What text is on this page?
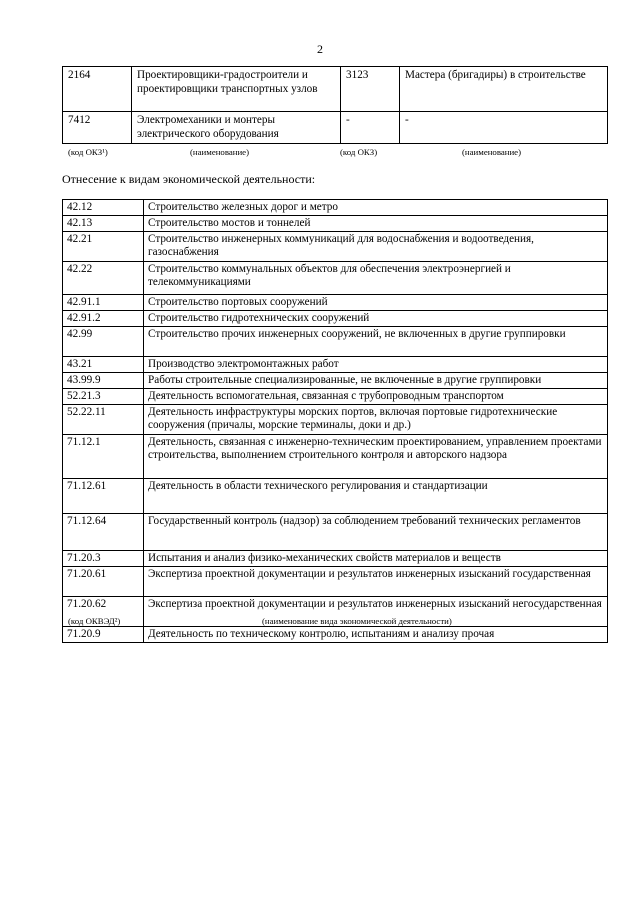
2
2164	Проектировщики-градостроители и проектировщики транспортных узлов	3123	Мастера (бригадиры) в строительстве
7412	Электромеханики и монтеры электрического оборудования	-	-
(код ОКЗ¹)	(наименование)	(код ОКЗ)	(наименование)
Отнесение к видам экономической деятельности:
42.12	Строительство железных дорог и метро
42.13	Строительство мостов и тоннелей
42.21	Строительство инженерных коммуникаций для водоснабжения и водоотведения, газоснабжения
42.22	Строительство коммунальных объектов для обеспечения электроэнергией и телекоммуникациями
42.91.1	Строительство портовых сооружений
42.91.2	Строительство гидротехнических сооружений
42.99	Строительство прочих инженерных сооружений, не включенных в другие группировки
43.21	Производство электромонтажных работ
43.99.9	Работы строительные специализированные, не включенные в другие группировки
52.21.3	Деятельность вспомогательная, связанная с трубопроводным транспортом
52.22.11	Деятельность инфраструктуры морских портов, включая портовые гидротехнические сооружения (причалы, морские терминалы, доки и др.)
71.12.1	Деятельность, связанная с инженерно-техническим проектированием, управлением проектами строительства, выполнением строительного контроля и авторского надзора
71.12.61	Деятельность в области технического регулирования и стандартизации
71.12.64	Государственный контроль (надзор) за соблюдением требований технических регламентов
71.20.3	Испытания и анализ физико-механических свойств материалов и веществ
71.20.61	Экспертиза проектной документации и результатов инженерных изысканий государственная
71.20.62	Экспертиза проектной документации и результатов инженерных изысканий негосударственная
71.20.9	Деятельность по техническому контролю, испытаниям и анализу прочая
(код ОКВЭД²)	(наименование вида экономической деятельности)
